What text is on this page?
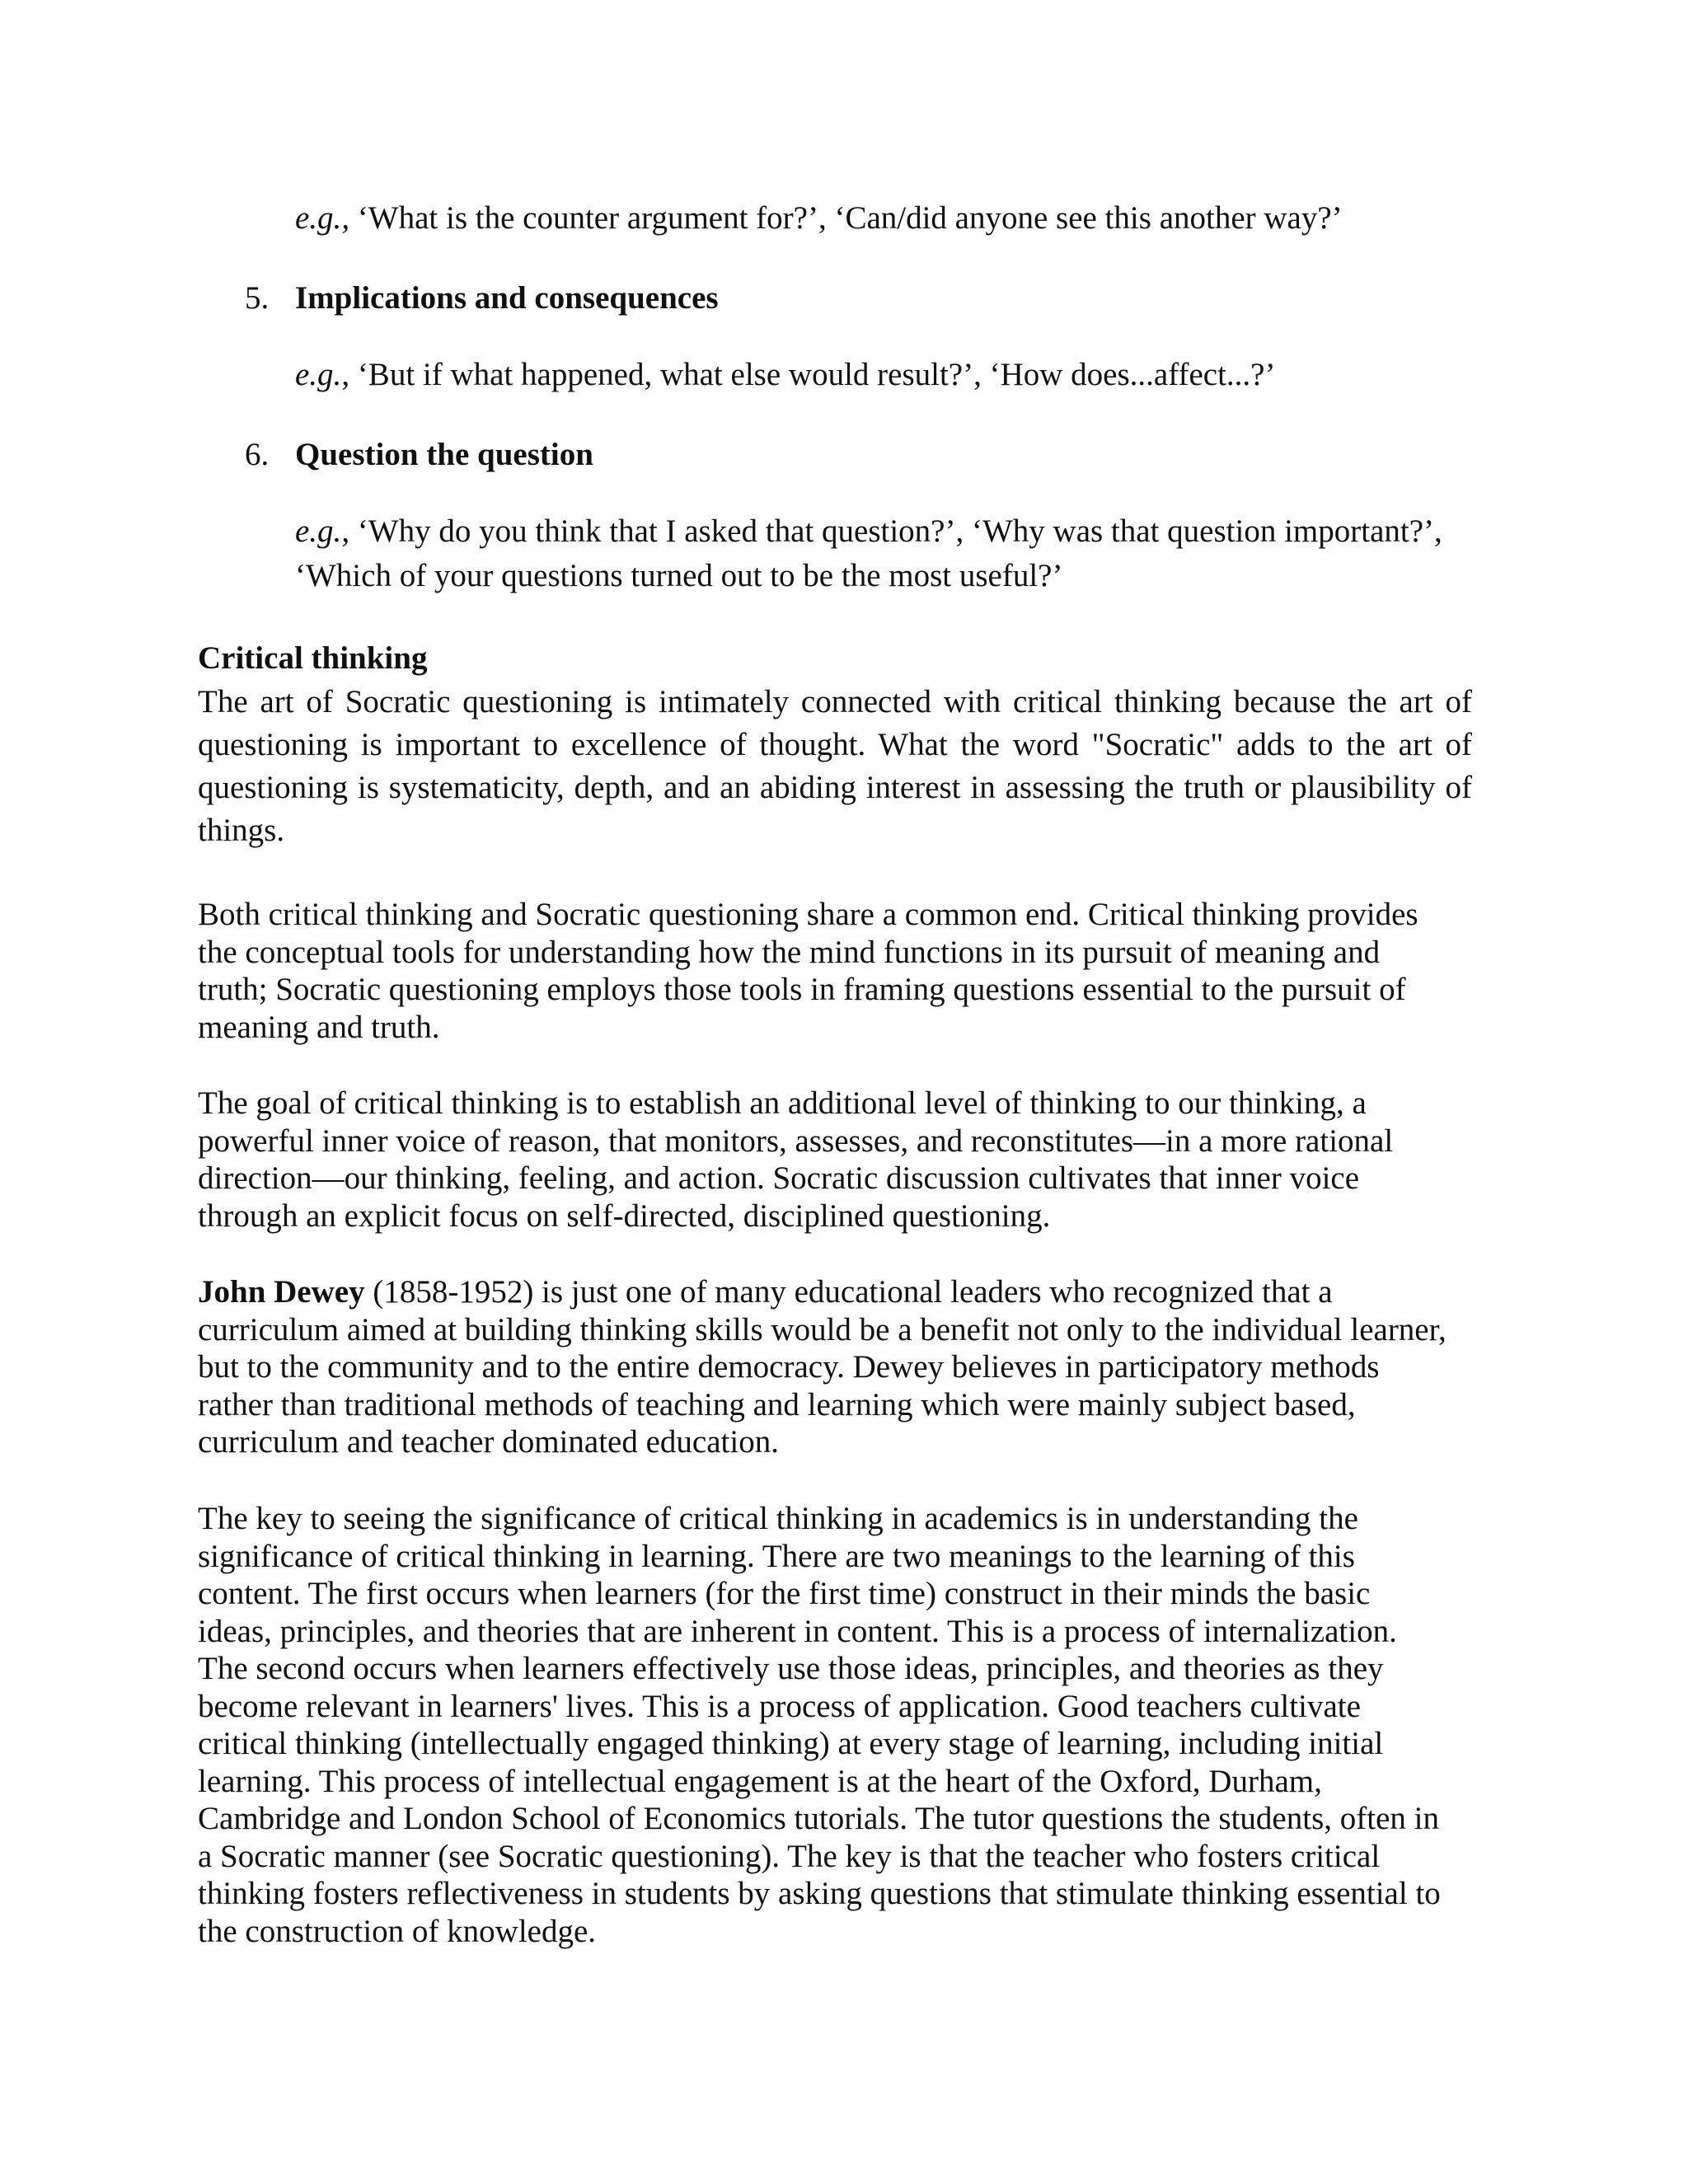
e.g., ‘What is the counter argument for?’, ‘Can/did anyone see this another way?’

5. Implications and consequences

e.g., ‘But if what happened, what else would result?’, ‘How does...affect...?’

6. Question the question

e.g., ‘Why do you think that I asked that question?’, ‘Why was that question important?’,
‘Which of your questions turned out to be the most useful?’

Critical thinking

The art of Socratic questioning is intimately connected with critical thinking because the art of
questioning is important to excellence of thought. What the word "Socratic" adds to the art of
questioning is systematicity, depth, and an abiding interest in assessing the truth or plausibility of
things.
Both critical thinking and Socratic questioning share a common end. Critical thinking provides
the conceptual tools for understanding how the mind functions in its pursuit of meaning and
truth; Socratic questioning employs those tools in framing questions essential to the pursuit of
meaning and truth.
The goal of critical thinking is to establish an additional level of thinking to our thinking, a
powerful inner voice of reason, that monitors, assesses, and reconstitutes—in a more rational
direction—our thinking, feeling, and action. Socratic discussion cultivates that inner voice
through an explicit focus on self-directed, disciplined questioning.
John Dewey (1858-1952) is just one of many educational leaders who recognized that a
curriculum aimed at building thinking skills would be a benefit not only to the individual learner,
but to the community and to the entire democracy. Dewey believes in participatory methods
rather than traditional methods of teaching and learning which were mainly subject based,
curriculum and teacher dominated education.
The key to seeing the significance of critical thinking in academics is in understanding the
significance of critical thinking in learning. There are two meanings to the learning of this
content. The first occurs when learners (for the first time) construct in their minds the basic
ideas, principles, and theories that are inherent in content. This is a process of internalization.
The second occurs when learners effectively use those ideas, principles, and theories as they
become relevant in learners' lives. This is a process of application. Good teachers cultivate
critical thinking (intellectually engaged thinking) at every stage of learning, including initial
learning. This process of intellectual engagement is at the heart of the Oxford, Durham,
Cambridge and London School of Economics tutorials. The tutor questions the students, often in
a Socratic manner (see Socratic questioning). The key is that the teacher who fosters critical
thinking fosters reflectiveness in students by asking questions that stimulate thinking essential to
the construction of knowledge.
